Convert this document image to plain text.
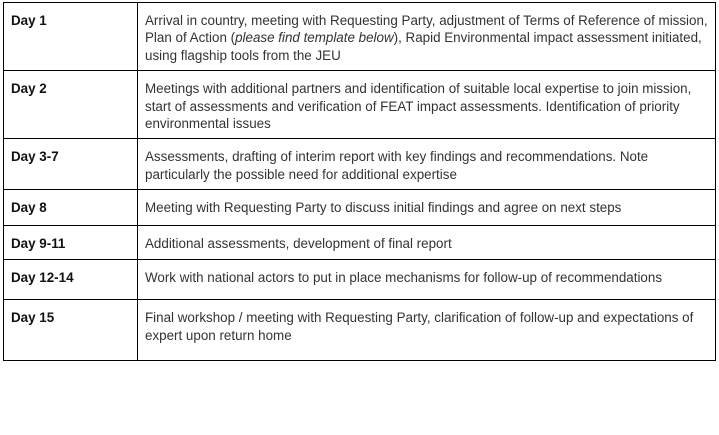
Day 1	Arrival in country, meeting with Requesting Party, adjustment of Terms of Reference of mission, Plan of Action (please find template below), Rapid Environmental impact assessment initiated, using flagship tools from the JEU
Day 2	Meetings with additional partners and identification of suitable local expertise to join mission, start of assessments and verification of FEAT impact assessments. Identification of priority environmental issues
Day 3-7	Assessments, drafting of interim report with key findings and recommendations. Note particularly the possible need for additional expertise
Day 8	Meeting with Requesting Party to discuss initial findings and agree on next steps
Day 9-11	Additional assessments, development of final report
Day 12-14	Work with national actors to put in place mechanisms for follow-up of recommendations
Day 15	Final workshop / meeting with Requesting Party, clarification of follow-up and expectations of expert upon return home
